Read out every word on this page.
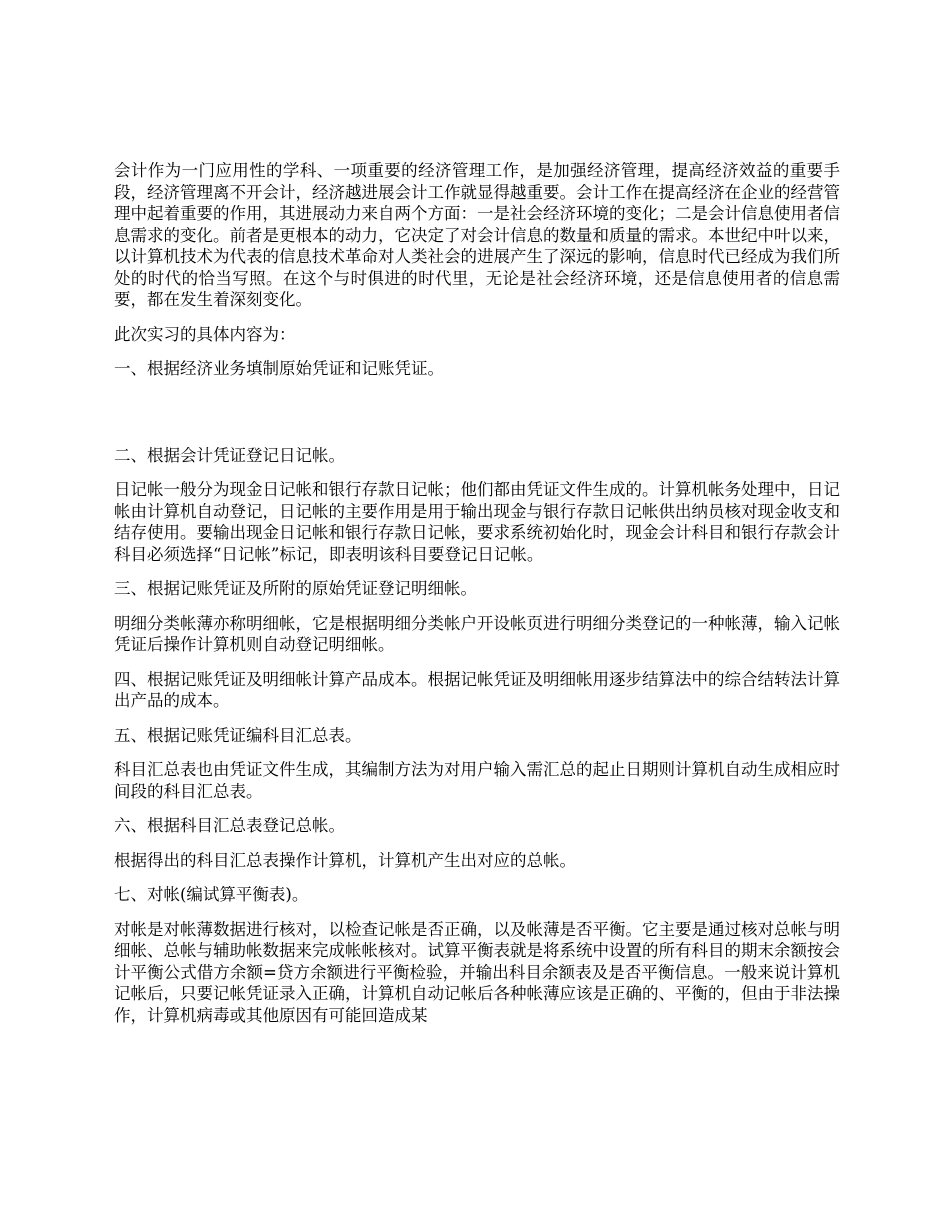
会计作为一门应用性的学科、一项重要的经济管理工作，是加强经济管理，提高经济效益的重要手段，经济管理离不开会计，经济越进展会计工作就显得越重要。会计工作在提高经济在企业的经营管理中起着重要的作用，其进展动力来自两个方面：一是社会经济环境的变化；二是会计信息使用者信息需求的变化。前者是更根本的动力，它决定了对会计信息的数量和质量的需求。本世纪中叶以来，以计算机技术为代表的信息技术革命对人类社会的进展产生了深远的影响，信息时代已经成为我们所处的时代的恰当写照。在这个与时俱进的时代里，无论是社会经济环境，还是信息使用者的信息需要，都在发生着深刻变化。

此次实习的具体内容为：

一、根据经济业务填制原始凭证和记账凭证。

二、根据会计凭证登记日记帐。

日记帐一般分为现金日记帐和银行存款日记帐；他们都由凭证文件生成的。计算机帐务处理中，日记帐由计算机自动登记，日记帐的主要作用是用于输出现金与银行存款日记帐供出纳员核对现金收支和结存使用。要输出现金日记帐和银行存款日记帐，要求系统初始化时，现金会计科目和银行存款会计科目必须选择“日记帐”标记，即表明该科目要登记日记帐。

三、根据记账凭证及所附的原始凭证登记明细帐。

明细分类帐薄亦称明细帐，它是根据明细分类帐户开设帐页进行明细分类登记的一种帐薄，输入记帐凭证后操作计算机则自动登记明细帐。

四、根据记账凭证及明细帐计算产品成本。根据记帐凭证及明细帐用逐步结算法中的综合结转法计算出产品的成本。

五、根据记账凭证编科目汇总表。

科目汇总表也由凭证文件生成，其编制方法为对用户输入需汇总的起止日期则计算机自动生成相应时间段的科目汇总表。

六、根据科目汇总表登记总帐。

根据得出的科目汇总表操作计算机，计算机产生出对应的总帐。

七、对帐(编试算平衡表)。

对帐是对帐薄数据进行核对，以检查记帐是否正确，以及帐薄是否平衡。它主要是通过核对总帐与明细帐、总帐与辅助帐数据来完成帐帐核对。试算平衡表就是将系统中设置的所有科目的期末余额按会计平衡公式借方余额=贷方余额进行平衡检验，并输出科目余额表及是否平衡信息。一般来说计算机记帐后，只要记帐凭证录入正确，计算机自动记帐后各种帐薄应该是正确的、平衡的，但由于非法操作，计算机病毒或其他原因有可能回造成某
